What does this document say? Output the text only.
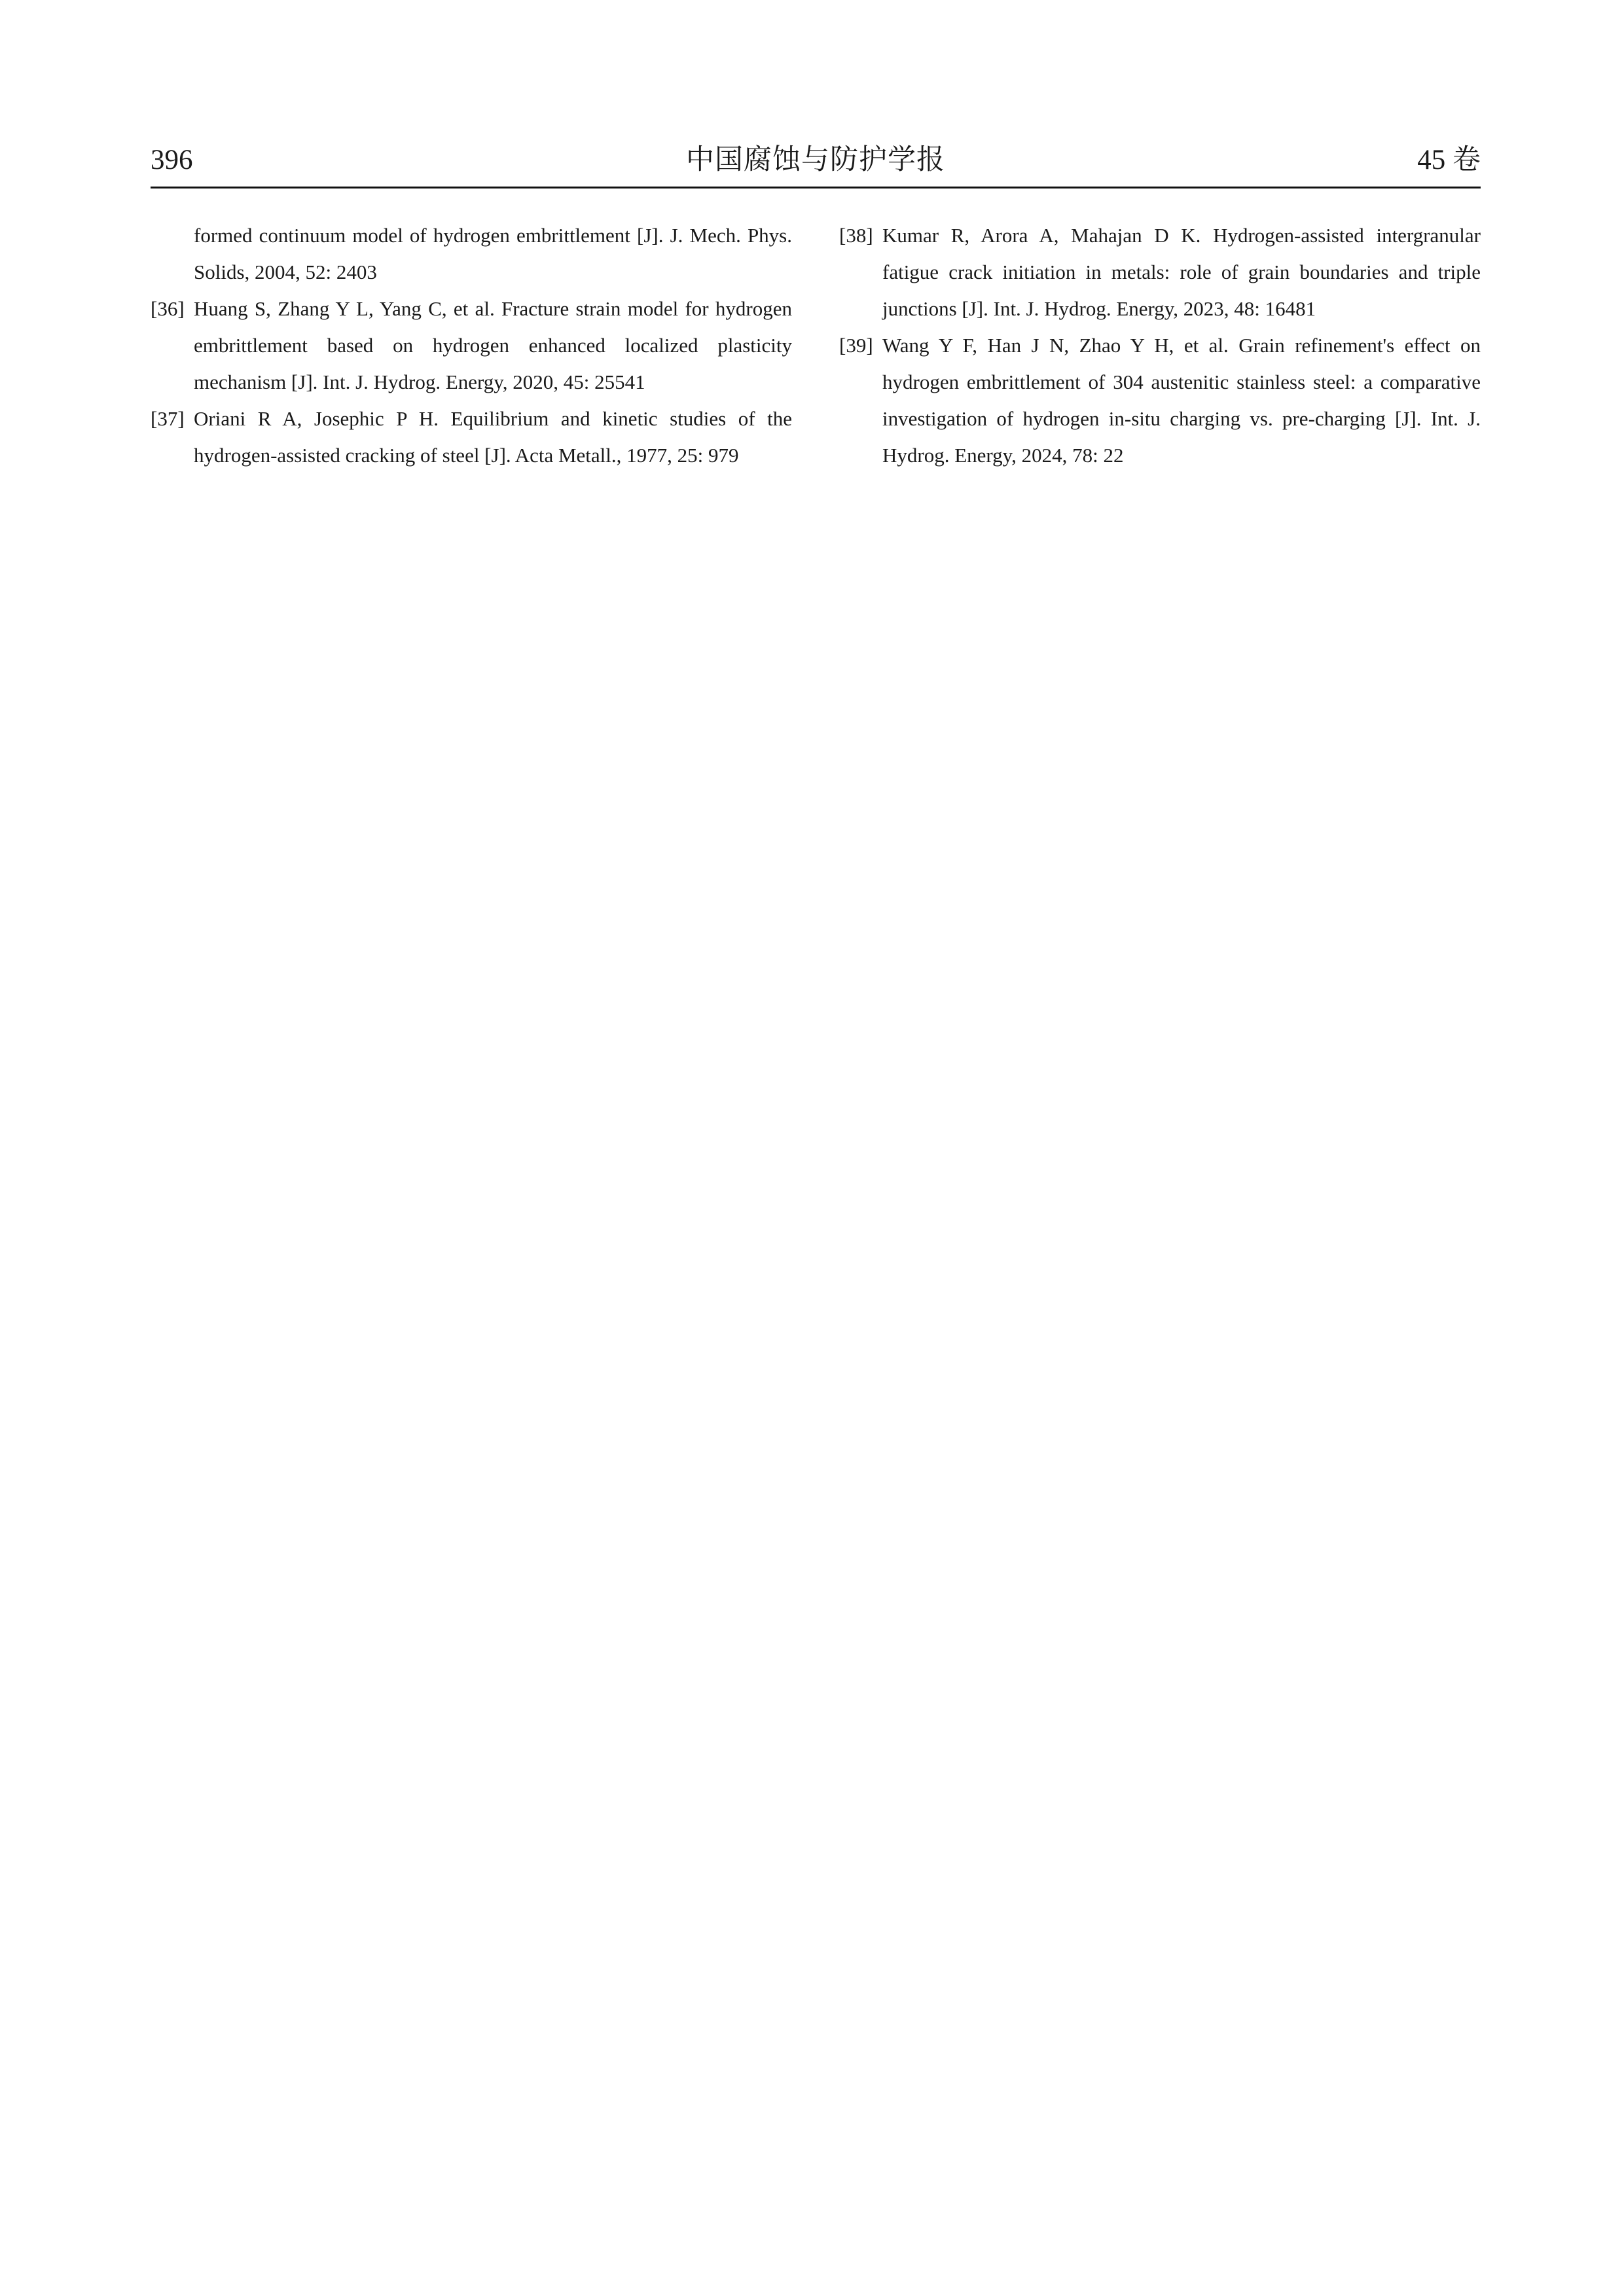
396	中国腐蚀与防护学报	45 卷
formed continuum model of hydrogen embrittlement [J]. J. Mech. Phys. Solids, 2004, 52: 2403
[36] Huang S, Zhang Y L, Yang C, et al. Fracture strain model for hydrogen embrittlement based on hydrogen enhanced localized plasticity mechanism [J]. Int. J. Hydrog. Energy, 2020, 45: 25541
[37] Oriani R A, Josephic P H. Equilibrium and kinetic studies of the hydrogen-assisted cracking of steel [J]. Acta Metall., 1977, 25: 979
[38] Kumar R, Arora A, Mahajan D K. Hydrogen-assisted intergranular fatigue crack initiation in metals: role of grain boundaries and triple junctions [J]. Int. J. Hydrog. Energy, 2023, 48: 16481
[39] Wang Y F, Han J N, Zhao Y H, et al. Grain refinement's effect on hydrogen embrittlement of 304 austenitic stainless steel: a comparative investigation of hydrogen in-situ charging vs. pre-charging [J]. Int. J. Hydrog. Energy, 2024, 78: 22
